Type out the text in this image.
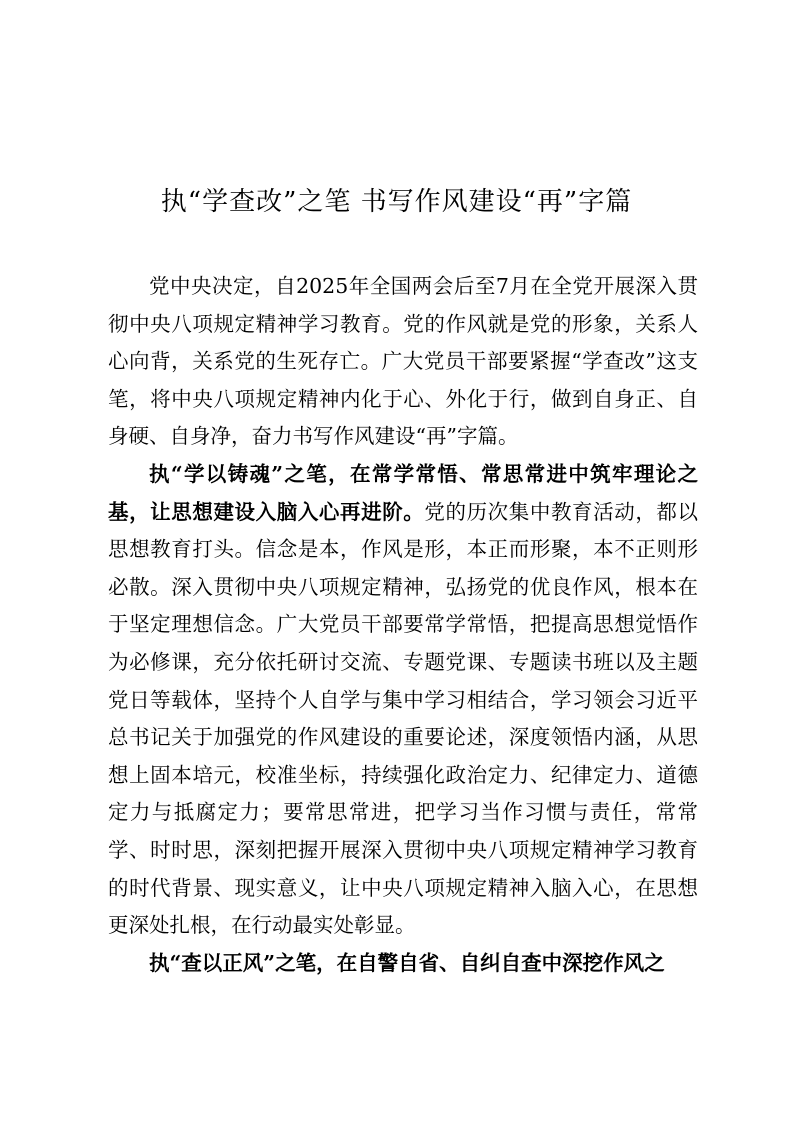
执“学查改”之笔 书写作风建设“再”字篇

党中央决定，自2025年全国两会后至7月在全党开展深入贯彻中央八项规定精神学习教育。党的作风就是党的形象，关系人心向背，关系党的生死存亡。广大党员干部要紧握“学查改”这支笔，将中央八项规定精神内化于心、外化于行，做到自身正、自身硬、自身净，奋力书写作风建设“再”字篇。

执“学以铸魂”之笔，在常学常悟、常思常进中筑牢理论之基，让思想建设入脑入心再进阶。党的历次集中教育活动，都以思想教育打头。信念是本，作风是形，本正而形聚，本不正则形必散。深入贯彻中央八项规定精神，弘扬党的优良作风，根本在于坚定理想信念。广大党员干部要常学常悟，把提高思想觉悟作为必修课，充分依托研讨交流、专题党课、专题读书班以及主题党日等载体，坚持个人自学与集中学习相结合，学习领会习近平总书记关于加强党的作风建设的重要论述，深度领悟内涵，从思想上固本培元，校准坐标，持续强化政治定力、纪律定力、道德定力与抵腐定力；要常思常进，把学习当作习惯与责任，常常学、时时思，深刻把握开展深入贯彻中央八项规定精神学习教育的时代背景、现实意义，让中央八项规定精神入脑入心，在思想更深处扎根，在行动最实处彰显。

执“查以正风”之笔，在自警自省、自纠自查中深挖作风之
